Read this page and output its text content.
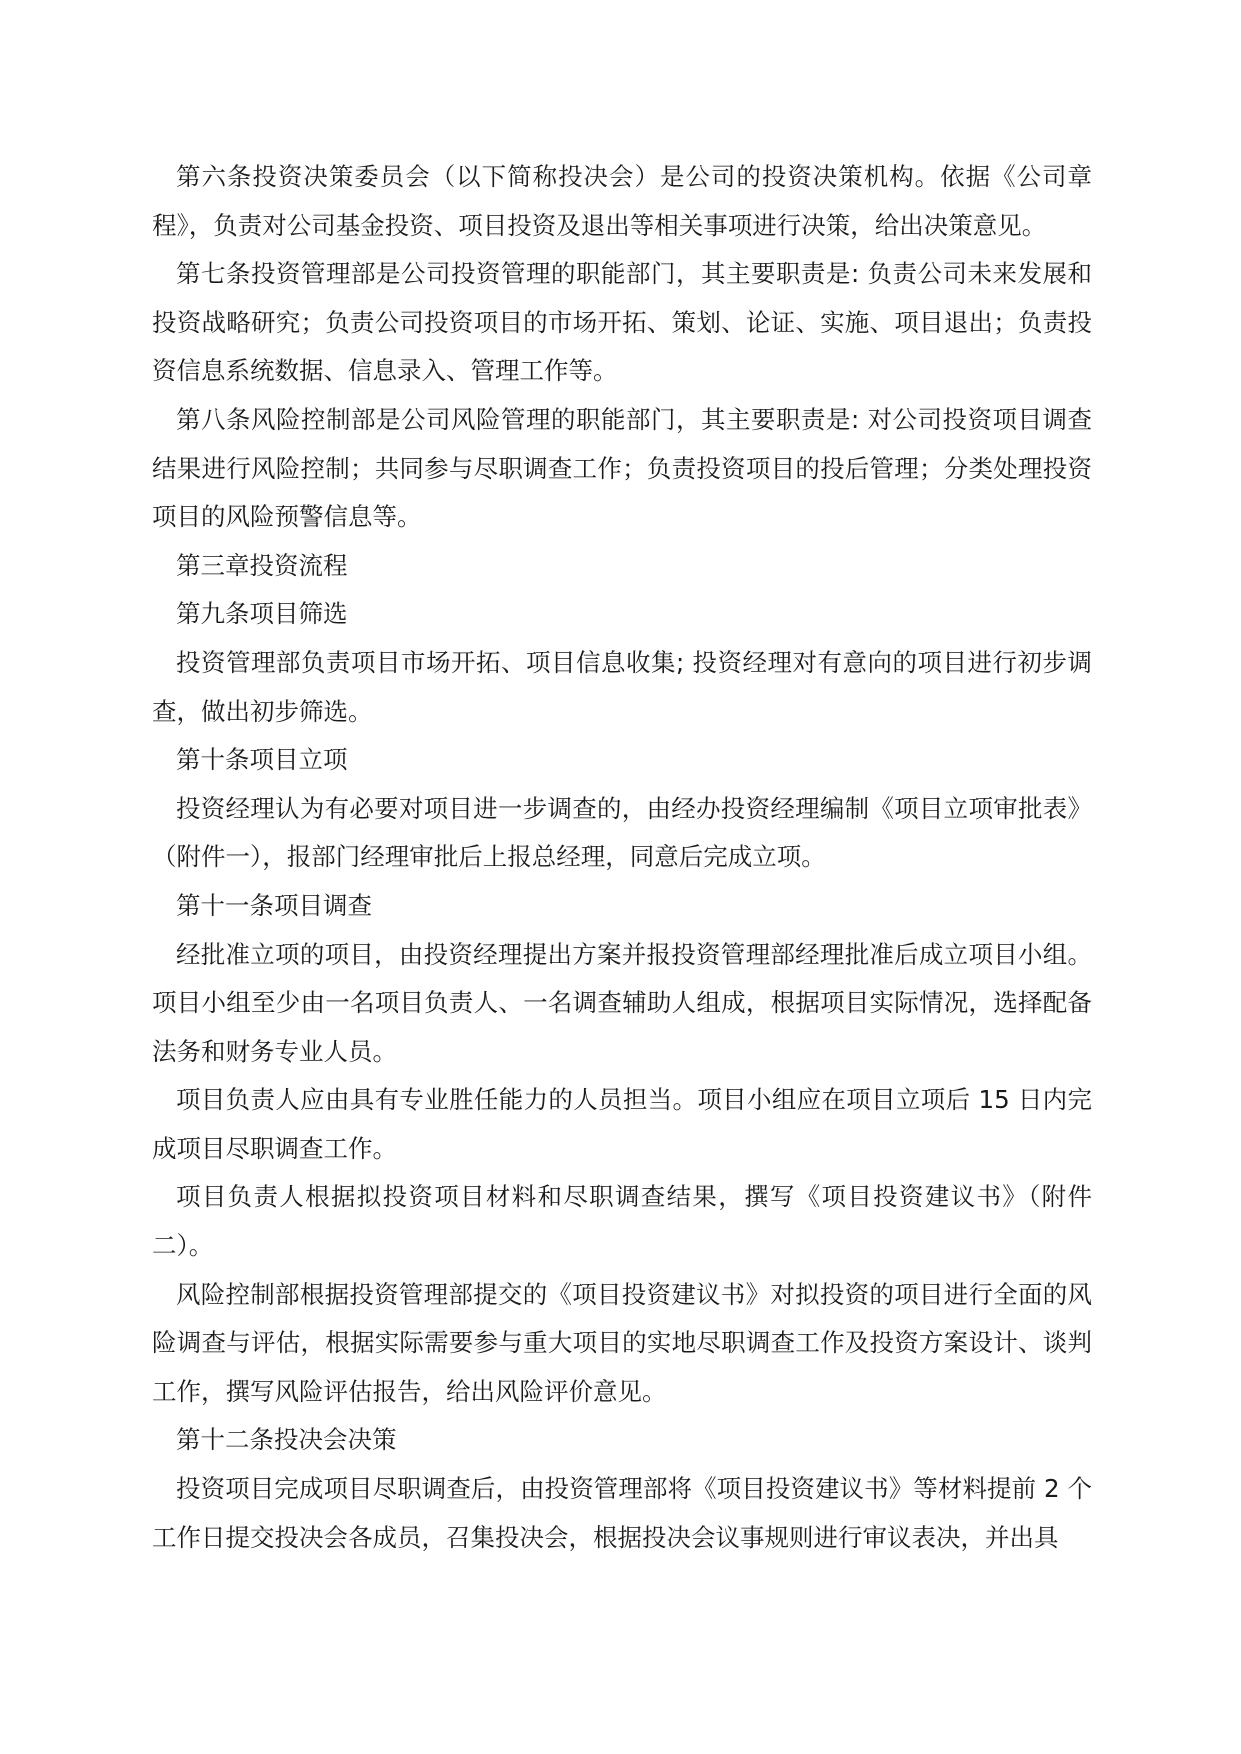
第六条投资决策委员会（以下简称投决会）是公司的投资决策机构。依据《公司章程》，负责对公司基金投资、项目投资及退出等相关事项进行决策，给出决策意见。

第七条投资管理部是公司投资管理的职能部门，其主要职责是: 负责公司未来发展和投资战略研究；负责公司投资项目的市场开拓、策划、论证、实施、项目退出；负责投资信息系统数据、信息录入、管理工作等。

第八条风险控制部是公司风险管理的职能部门，其主要职责是: 对公司投资项目调查结果进行风险控制；共同参与尽职调查工作；负责投资项目的投后管理；分类处理投资项目的风险预警信息等。

第三章投资流程

第九条项目筛选

投资管理部负责项目市场开拓、项目信息收集; 投资经理对有意向的项目进行初步调查，做出初步筛选。

第十条项目立项

投资经理认为有必要对项目进一步调查的，由经办投资经理编制《项目立项审批表》（附件一），报部门经理审批后上报总经理，同意后完成立项。

第十一条项目调查

经批准立项的项目，由投资经理提出方案并报投资管理部经理批准后成立项目小组。项目小组至少由一名项目负责人、一名调查辅助人组成，根据项目实际情况，选择配备法务和财务专业人员。

项目负责人应由具有专业胜任能力的人员担当。项目小组应在项目立项后 15 日内完成项目尽职调查工作。

项目负责人根据拟投资项目材料和尽职调查结果，撰写《项目投资建议书》（附件二）。

风险控制部根据投资管理部提交的《项目投资建议书》对拟投资的项目进行全面的风险调查与评估，根据实际需要参与重大项目的实地尽职调查工作及投资方案设计、谈判工作，撰写风险评估报告，给出风险评价意见。

第十二条投决会决策

投资项目完成项目尽职调查后，由投资管理部将《项目投资建议书》等材料提前 2 个工作日提交投决会各成员，召集投决会，根据投决会议事规则进行审议表决，并出具
